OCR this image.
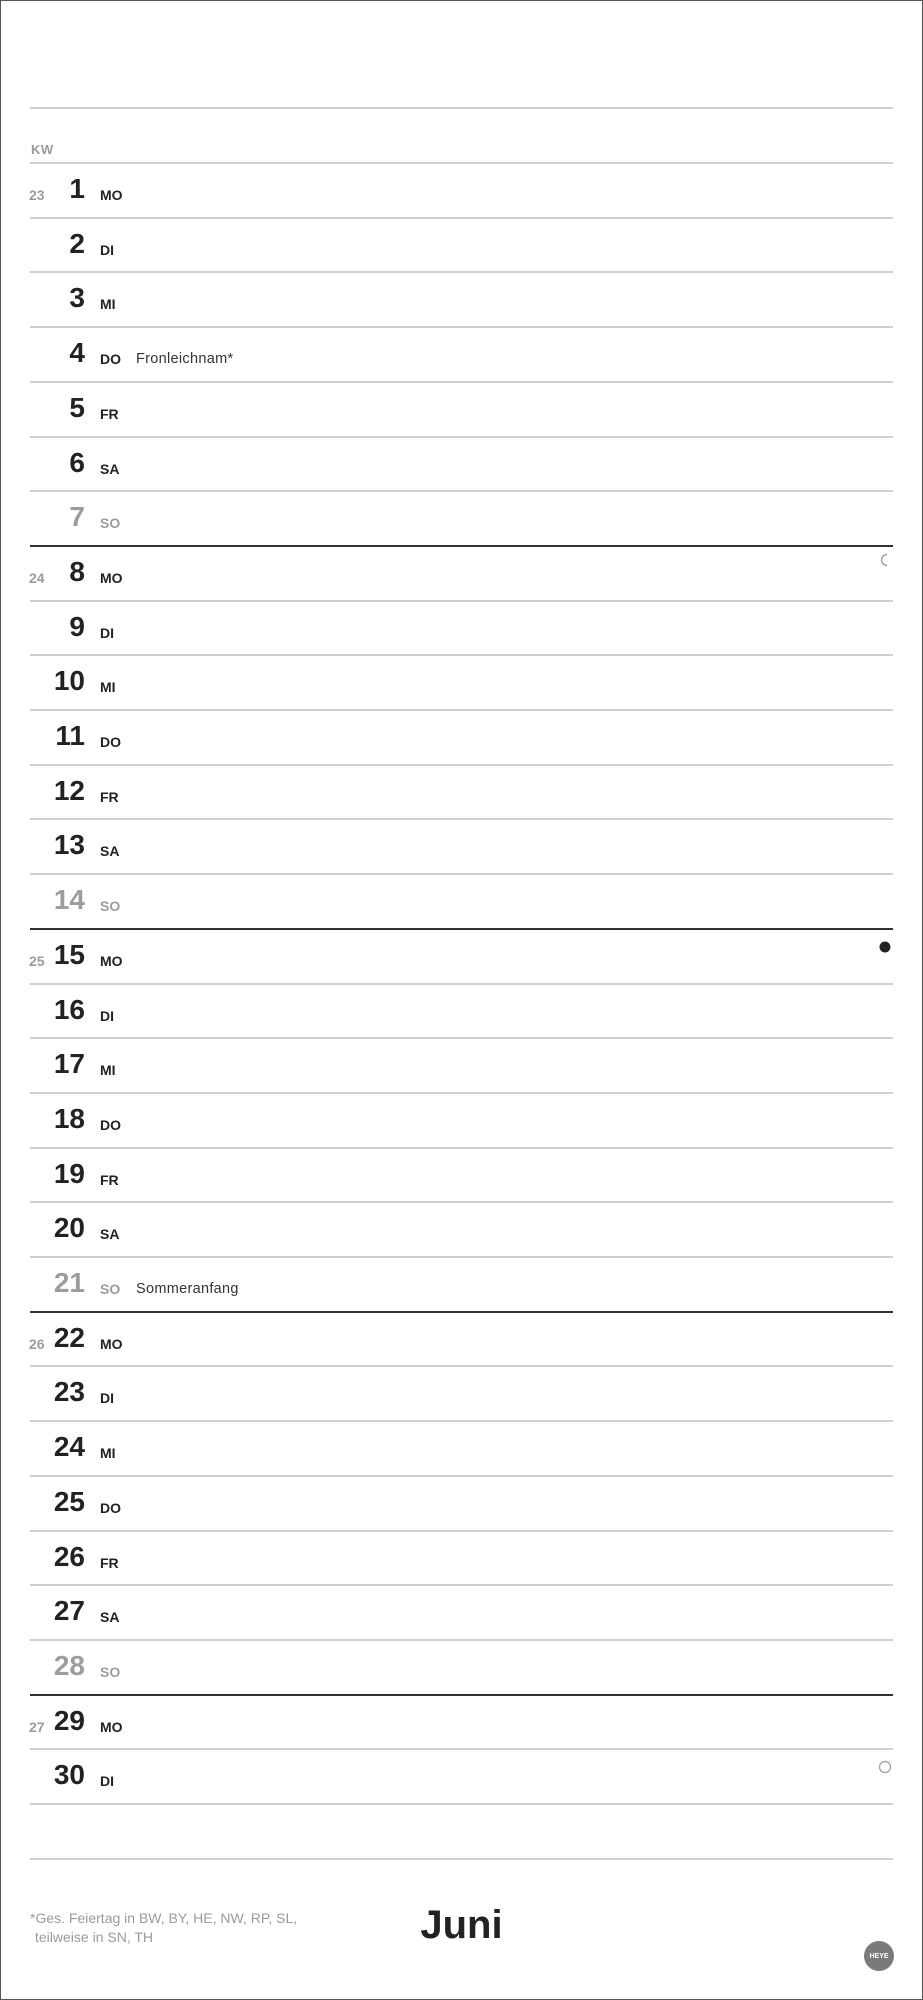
KW
23 1 MO
2 DI
3 MI
4 DO Fronleichnam*
5 FR
6 SA
7 SO
24 8 MO
9 DI
10 MI
11 DO
12 FR
13 SA
14 SO
25 15 MO
16 DI
17 MI
18 DO
19 FR
20 SA
21 SO Sommeranfang
26 22 MO
23 DI
24 MI
25 DO
26 FR
27 SA
28 SO
27 29 MO
30 DI
*Ges. Feiertag in BW, BY, HE, NW, RP, SL,
teilweise in SN, TH	Juni
HEYE
